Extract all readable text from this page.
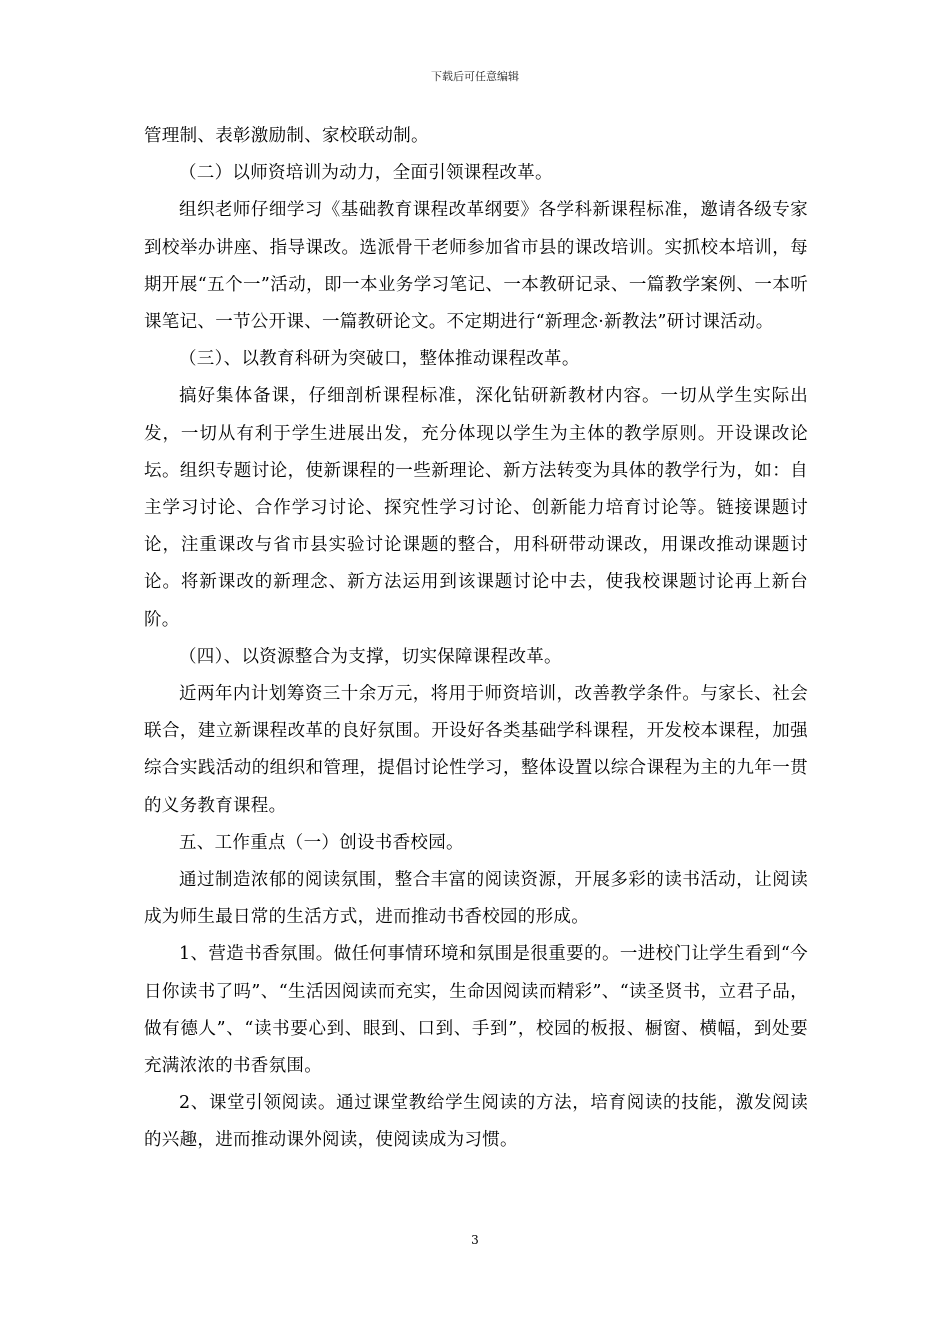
下载后可任意编辑

管理制、表彰激励制、家校联动制。

（二）以师资培训为动力，全面引领课程改革。

组织老师仔细学习《基础教育课程改革纲要》各学科新课程标准，邀请各级专家到校举办讲座、指导课改。选派骨干老师参加省市县的课改培训。实抓校本培训，每期开展“五个一”活动，即一本业务学习笔记、一本教研记录、一篇教学案例、一本听课笔记、一节公开课、一篇教研论文。不定期进行“新理念·新教法”研讨课活动。

（三）、以教育科研为突破口，整体推动课程改革。

搞好集体备课，仔细剖析课程标准，深化钻研新教材内容。一切从学生实际出发，一切从有利于学生进展出发，充分体现以学生为主体的教学原则。开设课改论坛。组织专题讨论，使新课程的一些新理论、新方法转变为具体的教学行为，如：自主学习讨论、合作学习讨论、探究性学习讨论、创新能力培育讨论等。链接课题讨论，注重课改与省市县实验讨论课题的整合，用科研带动课改，用课改推动课题讨论。将新课改的新理念、新方法运用到该课题讨论中去，使我校课题讨论再上新台阶。

（四）、以资源整合为支撑，切实保障课程改革。

近两年内计划筹资三十余万元，将用于师资培训，改善教学条件。与家长、社会联合，建立新课程改革的良好氛围。开设好各类基础学科课程，开发校本课程，加强综合实践活动的组织和管理，提倡讨论性学习，整体设置以综合课程为主的九年一贯的义务教育课程。

五、工作重点（一）创设书香校园。

通过制造浓郁的阅读氛围，整合丰富的阅读资源，开展多彩的读书活动，让阅读成为师生最日常的生活方式，进而推动书香校园的形成。

1、营造书香氛围。做任何事情环境和氛围是很重要的。一进校门让学生看到“今日你读书了吗”、“生活因阅读而充实，生命因阅读而精彩”、“读圣贤书，立君子品，做有德人”、“读书要心到、眼到、口到、手到”，校园的板报、橱窗、横幅，到处要充满浓浓的书香氛围。

2、课堂引领阅读。通过课堂教给学生阅读的方法，培育阅读的技能，激发阅读的兴趣，进而推动课外阅读，使阅读成为习惯。

3
